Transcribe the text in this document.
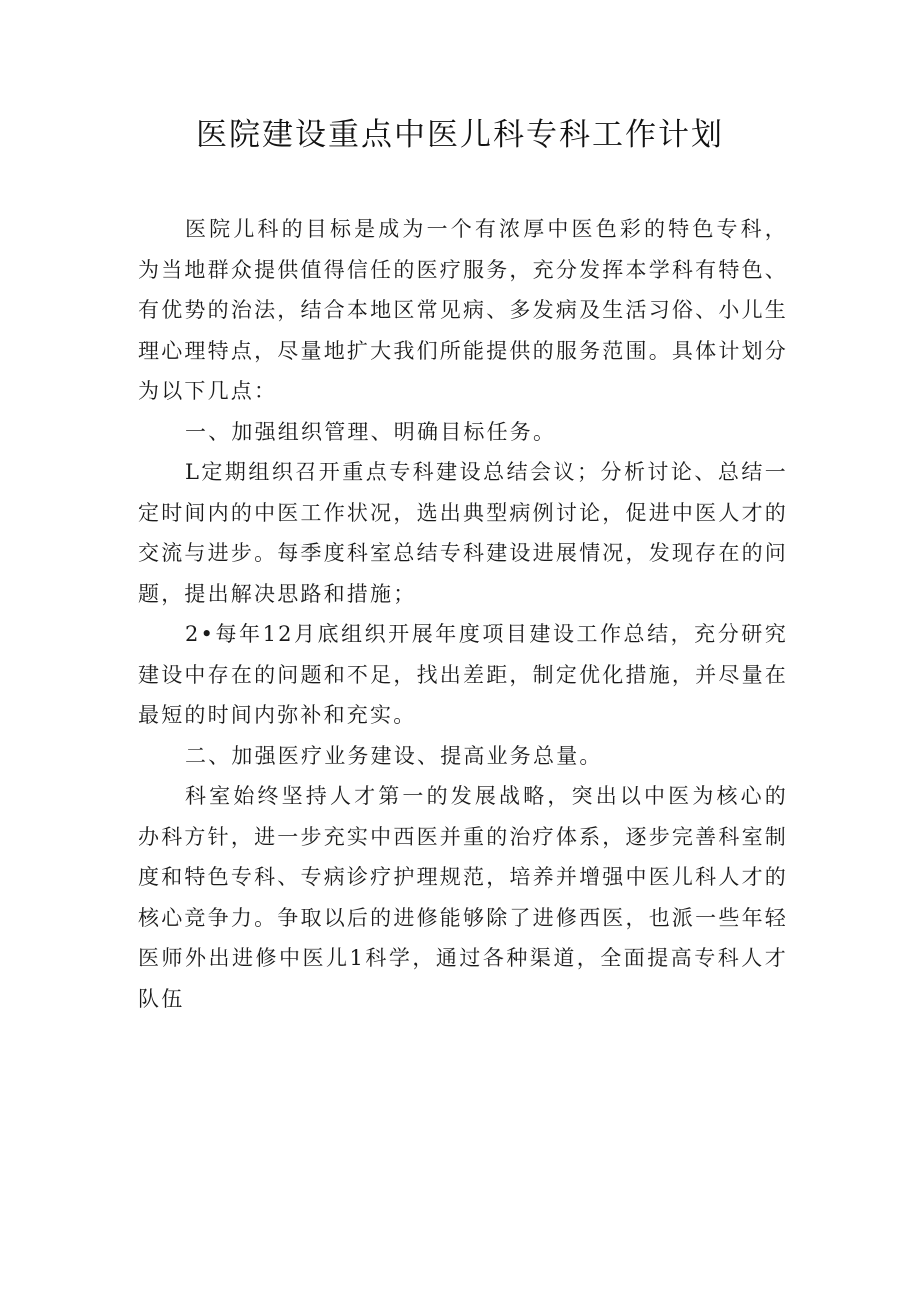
医院建设重点中医儿科专科工作计划

医院儿科的目标是成为一个有浓厚中医色彩的特色专科，为当地群众提供值得信任的医疗服务，充分发挥本学科有特色、有优势的治法，结合本地区常见病、多发病及生活习俗、小儿生理心理特点，尽量地扩大我们所能提供的服务范围。具体计划分为以下几点：

一、加强组织管理、明确目标任务。

L定期组织召开重点专科建设总结会议；分析讨论、总结一定时间内的中医工作状况，选出典型病例讨论，促进中医人才的交流与进步。每季度科室总结专科建设进展情况，发现存在的问题，提出解决思路和措施；

2•每年12月底组织开展年度项目建设工作总结，充分研究建设中存在的问题和不足，找出差距，制定优化措施，并尽量在最短的时间内弥补和充实。

二、加强医疗业务建设、提高业务总量。

科室始终坚持人才第一的发展战略，突出以中医为核心的办科方针，进一步充实中西医并重的治疗体系，逐步完善科室制度和特色专科、专病诊疗护理规范，培养并增强中医儿科人才的核心竞争力。争取以后的进修能够除了进修西医，也派一些年轻医师外出进修中医儿1科学，通过各种渠道，全面提高专科人才队伍
